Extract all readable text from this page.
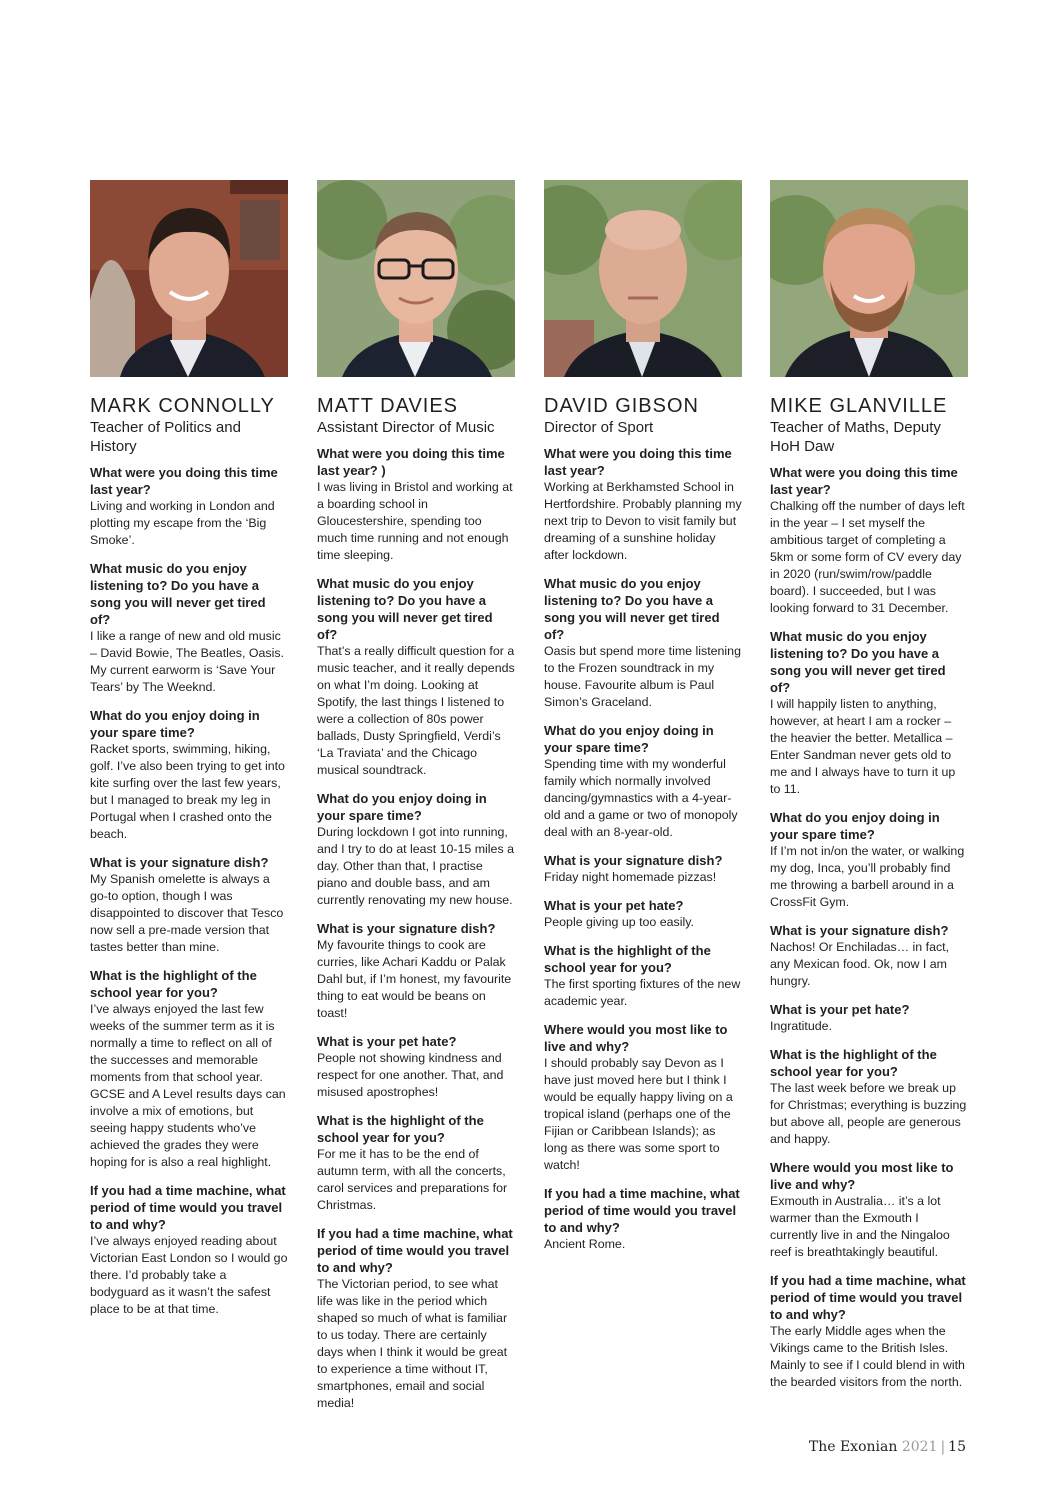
MARK CONNOLLY
Teacher of Politics and History
What were you doing this time last year?
Living and working in London and plotting my escape from the ‘Big Smoke’.
What music do you enjoy listening to? Do you have a song you will never get tired of?
I like a range of new and old music – David Bowie, The Beatles, Oasis. My current earworm is ‘Save Your Tears’ by The Weeknd.
What do you enjoy doing in your spare time?
Racket sports, swimming, hiking, golf. I’ve also been trying to get into kite surfing over the last few years, but I managed to break my leg in Portugal when I crashed onto the beach.
What is your signature dish?
My Spanish omelette is always a go-to option, though I was disappointed to discover that Tesco now sell a pre-made version that tastes better than mine.
What is the highlight of the school year for you?
I’ve always enjoyed the last few weeks of the summer term as it is normally a time to reflect on all of the successes and memorable moments from that school year. GCSE and A Level results days can involve a mix of emotions, but seeing happy students who’ve achieved the grades they were hoping for is also a real highlight.
If you had a time machine, what period of time would you travel to and why?
I’ve always enjoyed reading about Victorian East London so I would go there. I’d probably take a bodyguard as it wasn’t the safest place to be at that time.
MATT DAVIES
Assistant Director of Music
What were you doing this time last year? )
I was living in Bristol and working at a boarding school in Gloucestershire, spending too much time running and not enough time sleeping.
What music do you enjoy listening to? Do you have a song you will never get tired of?
That’s a really difficult question for a music teacher, and it really depends on what I’m doing. Looking at Spotify, the last things I listened to were a collection of 80s power ballads, Dusty Springfield, Verdi’s ‘La Traviata’ and the Chicago musical soundtrack.
What do you enjoy doing in your spare time?
During lockdown I got into running, and I try to do at least 10-15 miles a day. Other than that, I practise piano and double bass, and am currently renovating my new house.
What is your signature dish?
My favourite things to cook are curries, like Achari Kaddu or Palak Dahl but, if I’m honest, my favourite thing to eat would be beans on toast!
What is your pet hate?
People not showing kindness and respect for one another. That, and misused apostrophes!
What is the highlight of the school year for you?
For me it has to be the end of autumn term, with all the concerts, carol services and preparations for Christmas.
If you had a time machine, what period of time would you travel to and why?
The Victorian period, to see what life was like in the period which shaped so much of what is familiar to us today. There are certainly days when I think it would be great to experience a time without IT, smartphones, email and social media!
DAVID GIBSON
Director of Sport
What were you doing this time last year?
Working at Berkhamsted School in Hertfordshire. Probably planning my next trip to Devon to visit family but dreaming of a sunshine holiday after lockdown.
What music do you enjoy listening to? Do you have a song you will never get tired of?
Oasis but spend more time listening to the Frozen soundtrack in my house. Favourite album is Paul Simon’s Graceland.
What do you enjoy doing in your spare time?
Spending time with my wonderful family which normally involved dancing/gymnastics with a 4-year-old and a game or two of monopoly deal with an 8-year-old.
What is your signature dish?
Friday night homemade pizzas!
What is your pet hate?
People giving up too easily.
What is the highlight of the school year for you?
The first sporting fixtures of the new academic year.
Where would you most like to live and why?
I should probably say Devon as I have just moved here but I think I would be equally happy living on a tropical island (perhaps one of the Fijian or Caribbean Islands); as long as there was some sport to watch!
If you had a time machine, what period of time would you travel to and why?
Ancient Rome.
MIKE GLANVILLE
Teacher of Maths, Deputy HoH Daw
What were you doing this time last year?
Chalking off the number of days left in the year – I set myself the ambitious target of completing a 5km or some form of CV every day in 2020 (run/swim/row/paddle board). I succeeded, but I was looking forward to 31 December.
What music do you enjoy listening to? Do you have a song you will never get tired of?
I will happily listen to anything, however, at heart I am a rocker – the heavier the better. Metallica – Enter Sandman never gets old to me and I always have to turn it up to 11.
What do you enjoy doing in your spare time?
If I’m not in/on the water, or walking my dog, Inca, you’ll probably find me throwing a barbell around in a CrossFit Gym.
What is your signature dish?
Nachos! Or Enchiladas… in fact, any Mexican food. Ok, now I am hungry.
What is your pet hate?
Ingratitude.
What is the highlight of the school year for you?
The last week before we break up for Christmas; everything is buzzing but above all, people are generous and happy.
Where would you most like to live and why?
Exmouth in Australia… it’s a lot warmer than the Exmouth I currently live in and the Ningaloo reef is breathtakingly beautiful.
If you had a time machine, what period of time would you travel to and why?
The early Middle ages when the Vikings came to the British Isles. Mainly to see if I could blend in with the bearded visitors from the north.
The Exonian 2021 | 15
